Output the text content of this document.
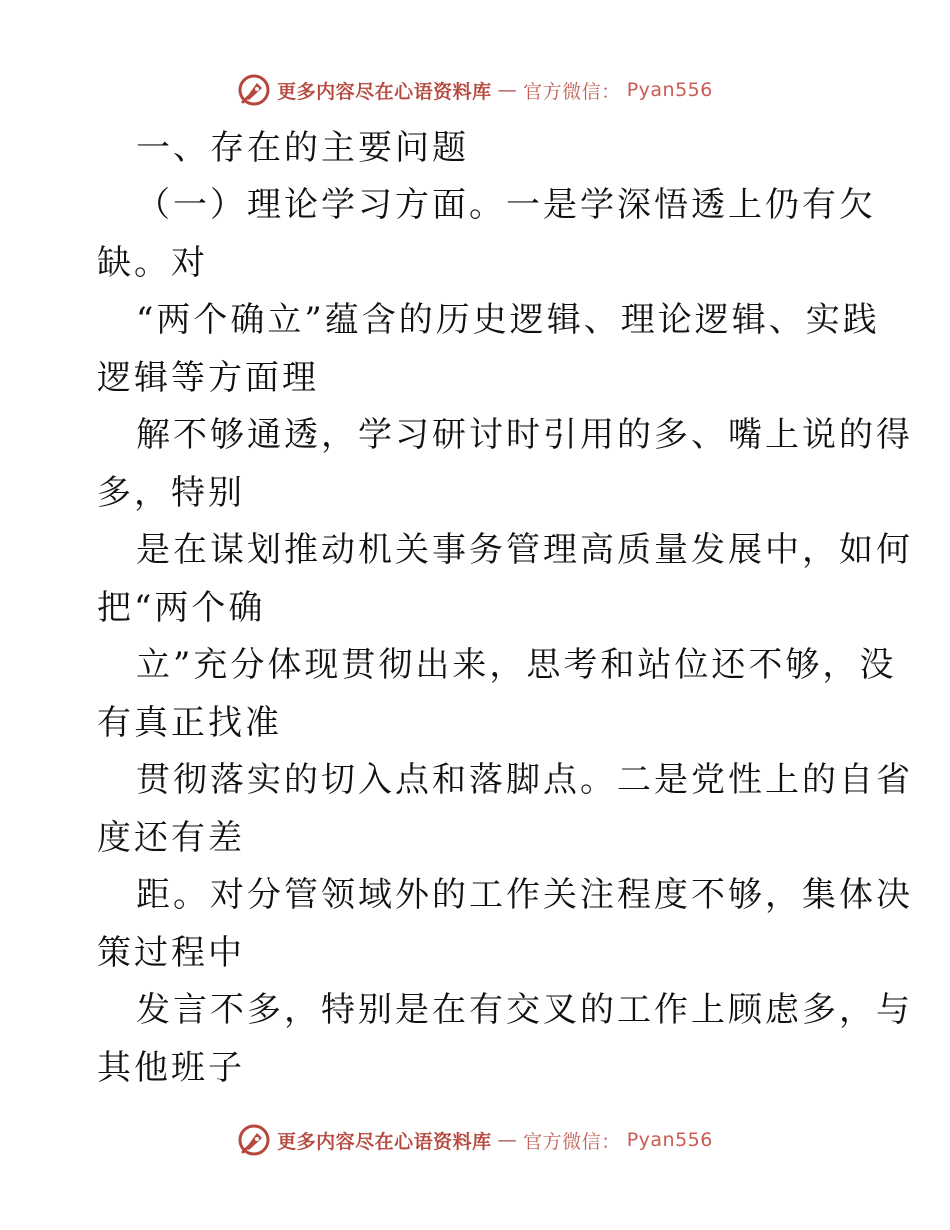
更多内容尽在心语资料库 — 官方微信： Pyan556
一、存在的主要问题
（一）理论学习方面。一是学深悟透上仍有欠
缺。对
“两个确立”蕴含的历史逻辑、理论逻辑、实践
逻辑等方面理
解不够通透，学习研讨时引用的多、嘴上说的得
多，特别
是在谋划推动机关事务管理高质量发展中，如何
把“两个确
立”充分体现贯彻出来，思考和站位还不够，没
有真正找准
贯彻落实的切入点和落脚点。二是党性上的自省
度还有差
距。对分管领域外的工作关注程度不够，集体决
策过程中
发言不多，特别是在有交叉的工作上顾虑多，与
其他班子
更多内容尽在心语资料库 — 官方微信： Pyan556
